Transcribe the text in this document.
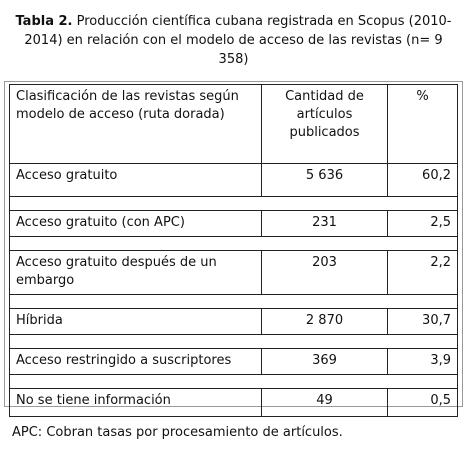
Tabla 2. Producción científica cubana registrada en Scopus (2010-2014) en relación con el modelo de acceso de las revistas (n= 9 358)
Clasificación de las revistas según modelo de acceso (ruta dorada)	Cantidad de artículos publicados	%
Acceso gratuito	5 636	60,2

Acceso gratuito (con APC)	231	2,5

Acceso gratuito después de un embargo	203	2,2

Híbrida	2 870	30,7

Acceso restringido a suscriptores	369	3,9

No se tiene información	49	0,5
APC: Cobran tasas por procesamiento de artículos.
